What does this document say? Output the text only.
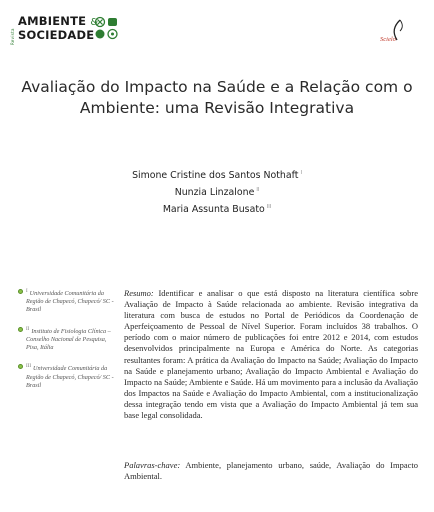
Revista
AMBIENTE &
SOCIEDADE	Scielo
Avaliação do Impacto na Saúde e a Relação com o Ambiente: uma Revisão Integrativa
Simone Cristine dos Santos Nothaft $^I$
Nunzia Linzalone $^{II}$
Maria Assunta Busato $^{III}$
$^I$ Universidade Comunitária da Região de Chapecó, Chapecó/ SC - Brasil
$^{II}$ Instituto de Fisiologia Clínica – Conselho Nacional de Pesquisa, Pisa, Itália
$^{III}$ Universidade Comunitária da Região de Chapecó, Chapecó/ SC - Brasil

Resumo: Identificar e analisar o que está disposto na literatura científica sobre Avaliação de Impacto à Saúde relacionada ao ambiente. Revisão integrativa da literatura com busca de estudos no Portal de Periódicos da Coordenação de Aperfeiçoamento de Pessoal de Nível Superior. Foram incluídos 38 trabalhos. O período com o maior número de publicações foi entre 2012 e 2014, com estudos desenvolvidos principalmente na Europa e América do Norte. As categorias resultantes foram: A prática da Avaliação do Impacto na Saúde; Avaliação do Impacto na Saúde e planejamento urbano; Avaliação do Impacto Ambiental e Avaliação do Impacto na Saúde; Ambiente e Saúde. Há um movimento para a inclusão da Avaliação dos Impactos na Saúde e Avaliação do Impacto Ambiental, com a institucionalização dessa integração tendo em vista que a Avaliação do Impacto Ambiental já tem sua base legal consolidada.

Palavras-chave: Ambiente, planejamento urbano, saúde, Avaliação do Impacto Ambiental.
